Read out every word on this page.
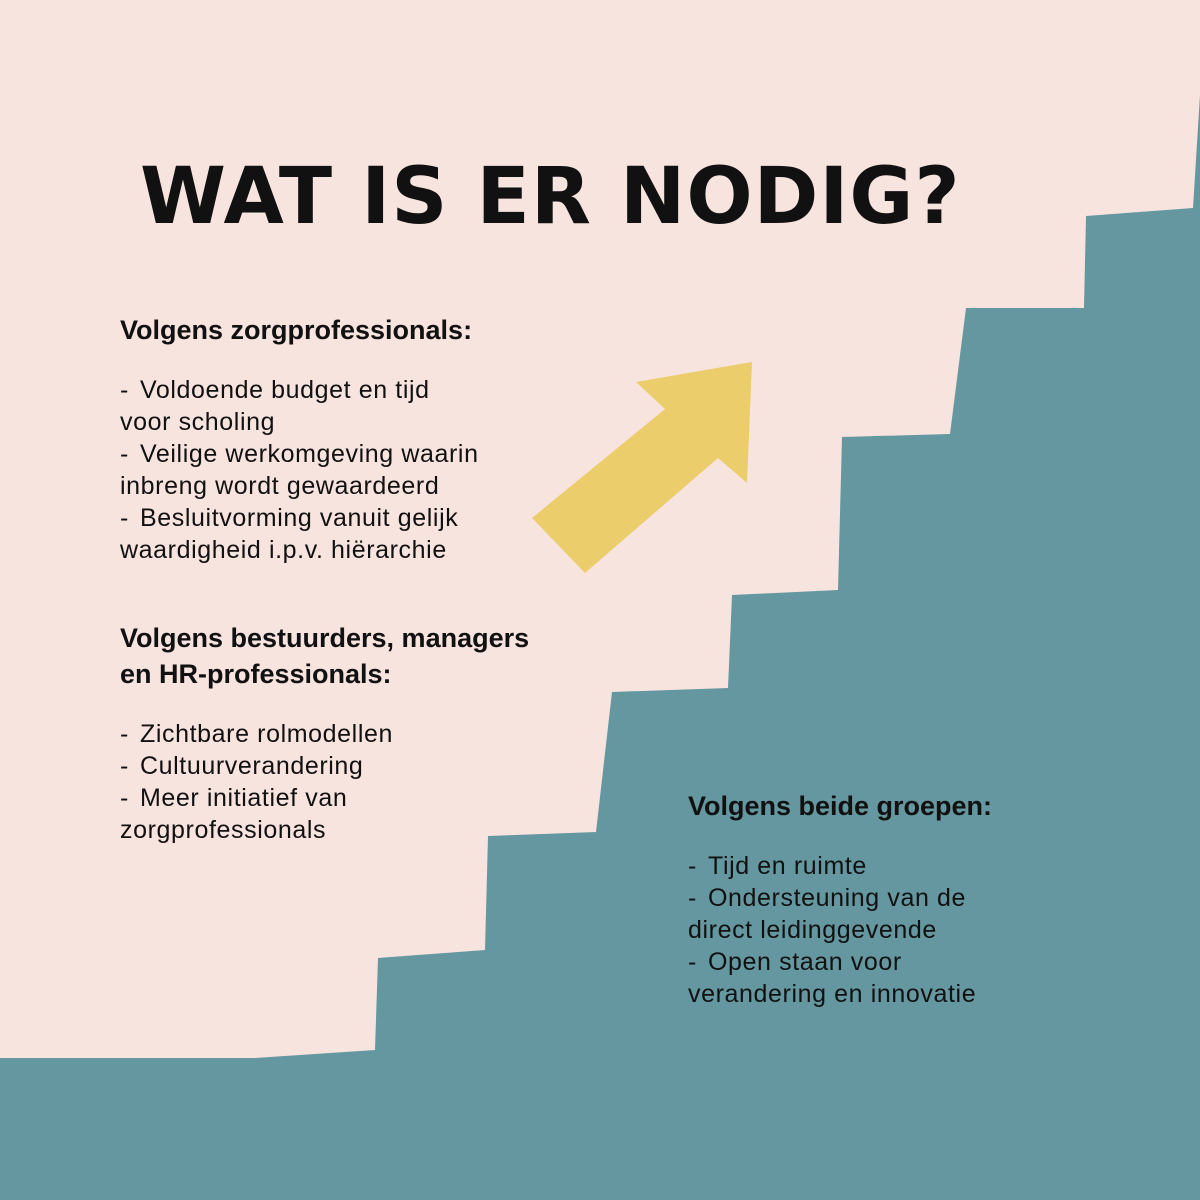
WAT IS ER NODIG?
Volgens zorgprofessionals:
- Voldoende budget en tijd
voor scholing
- Veilige werkomgeving waarin
inbreng wordt gewaardeerd
- Besluitvorming vanuit gelijk
waardigheid i.p.v. hiërarchie
Volgens bestuurders, managers
en HR-professionals:
- Zichtbare rolmodellen
- Cultuurverandering
- Meer initiatief van
zorgprofessionals
Volgens beide groepen:
- Tijd en ruimte
- Ondersteuning van de
direct leidinggevende
- Open staan voor
verandering en innovatie
